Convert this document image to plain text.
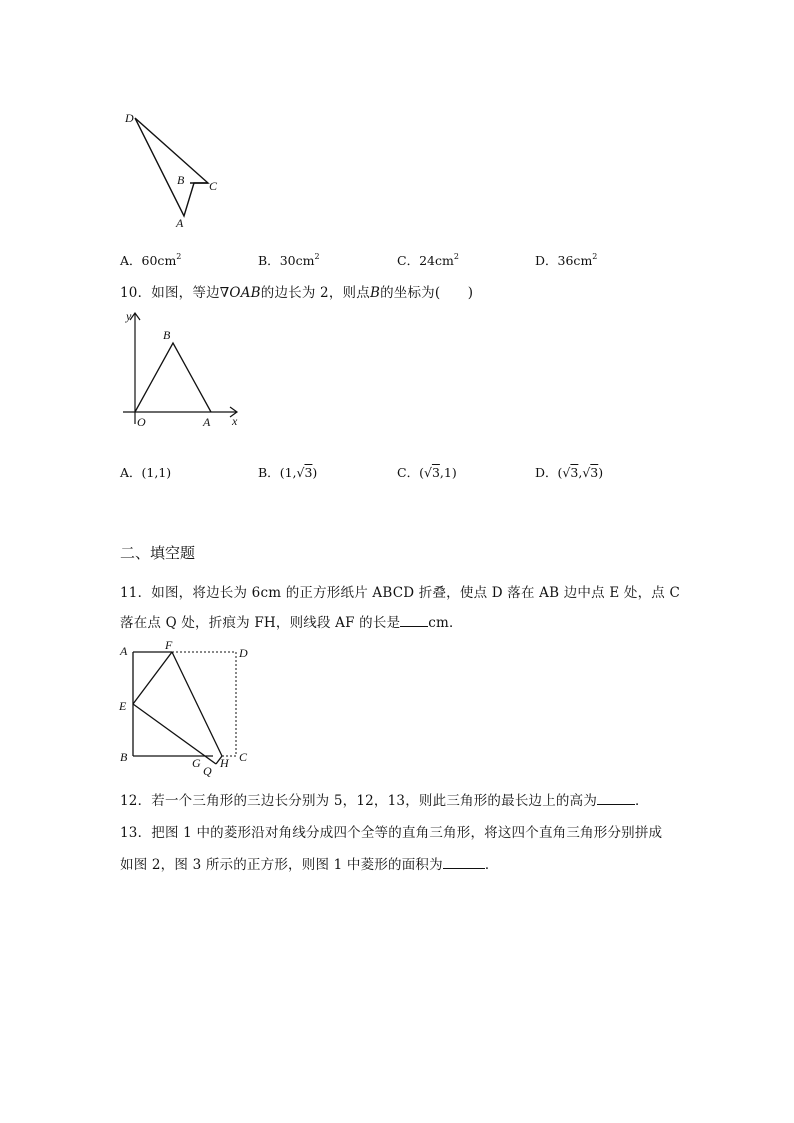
D
B C
A
A．$60cm^2$	B．$30cm^2$	C．$24cm^2$	D．$36cm^2$
10．如图，等边∇OAB的边长为 2，则点B的坐标为(　　)
y
B
O	A x
A．(1,1)	B．(1,√3)	C．(√3,1)	D．(√3,√3)
二、填空题
11．如图，将边长为 6cm 的正方形纸片 ABCD 折叠，使点 D 落在 AB 边中点 E 处，点 C
落在点 Q 处，折痕为 FH，则线段 AF 的长是 cm．
A	F
D
E
B	G
Q
H C
12．若一个三角形的三边长分别为 5，12，13，则此三角形的最长边上的高为	．
13．把图 1 中的菱形沿对角线分成四个全等的直角三角形，将这四个直角三角形分别拼成
如图 2，图 3 所示的正方形，则图 1 中菱形的面积为	．
